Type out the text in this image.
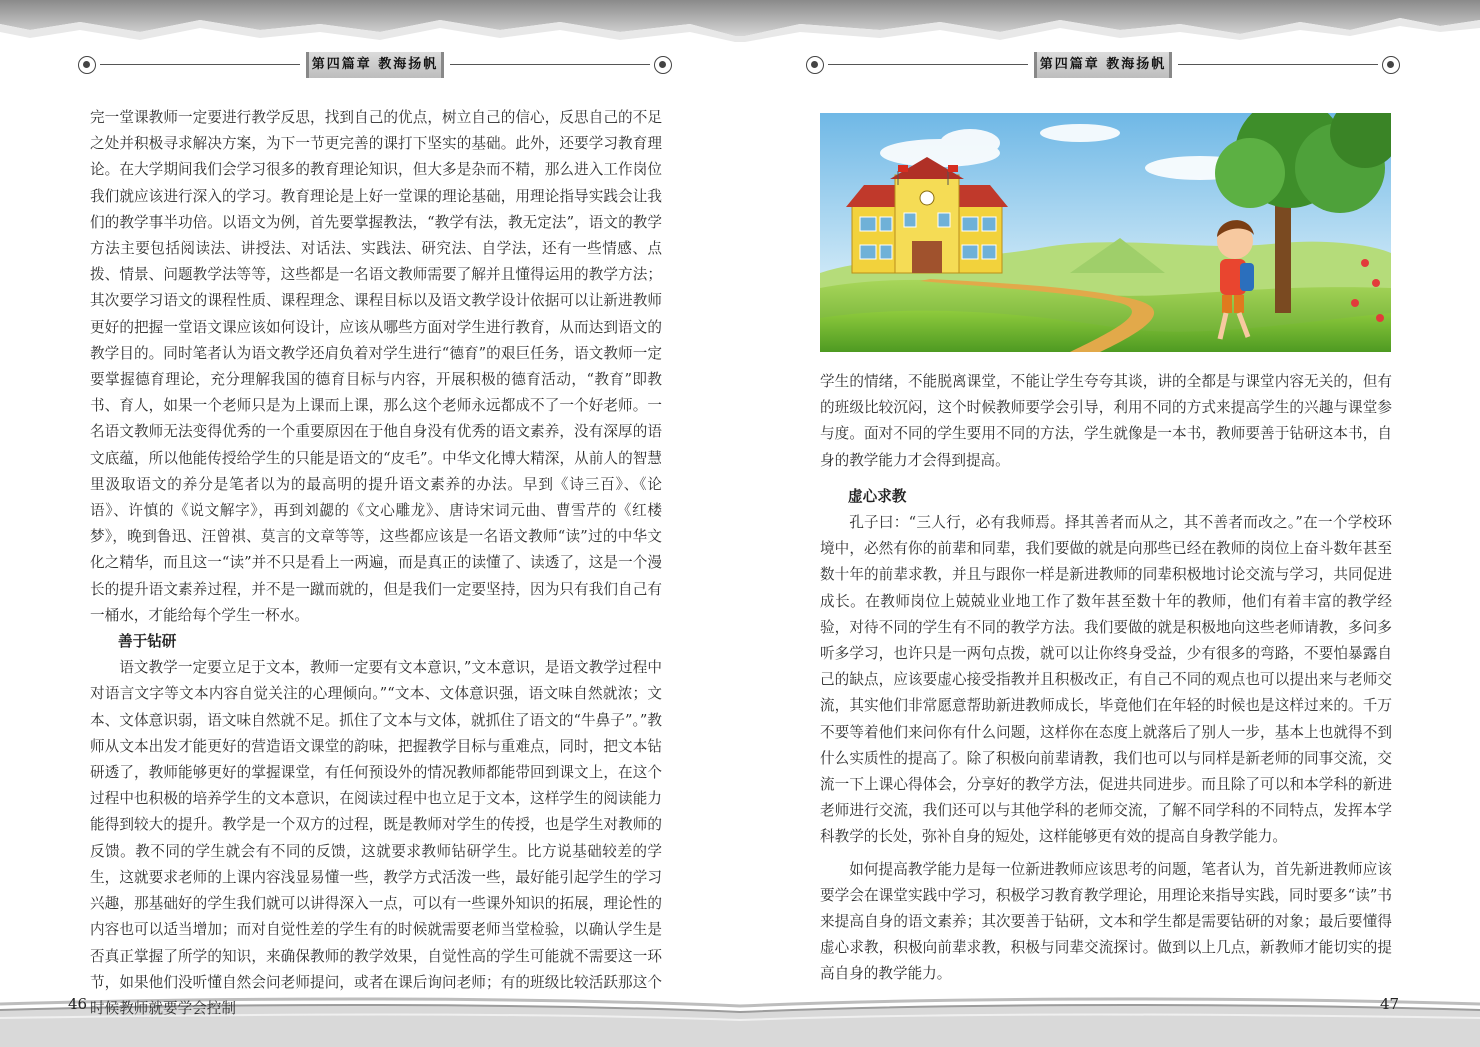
第四篇章 教海扬帆

完一堂课教师一定要进行教学反思，找到自己的优点，树立自己的信心，反思自己的不足之处并积极寻求解决方案，为下一节更完善的课打下坚实的基础。此外，还要学习教育理论。在大学期间我们会学习很多的教育理论知识，但大多是杂而不精，那么进入工作岗位我们就应该进行深入的学习。教育理论是上好一堂课的理论基础，用理论指导实践会让我们的教学事半功倍。以语文为例，首先要掌握教法，“教学有法，教无定法”，语文的教学方法主要包括阅读法、讲授法、对话法、实践法、研究法、自学法，还有一些情感、点拨、情景、问题教学法等等，这些都是一名语文教师需要了解并且懂得运用的教学方法；其次要学习语文的课程性质、课程理念、课程目标以及语文教学设计依据可以让新进教师更好的把握一堂语文课应该如何设计，应该从哪些方面对学生进行教育，从而达到语文的教学目的。同时笔者认为语文教学还肩负着对学生进行“德育”的艰巨任务，语文教师一定要掌握德育理论，充分理解我国的德育目标与内容，开展积极的德育活动，“教育”即教书、育人，如果一个老师只是为上课而上课，那么这个老师永远都成不了一个好老师。一名语文教师无法变得优秀的一个重要原因在于他自身没有优秀的语文素养，没有深厚的语文底蕴，所以他能传授给学生的只能是语文的“皮毛”。中华文化博大精深，从前人的智慧里汲取语文的养分是笔者以为的最高明的提升语文素养的办法。早到《诗三百》、《论语》、许慎的《说文解字》，再到刘勰的《文心雕龙》、唐诗宋词元曲、曹雪芹的《红楼梦》，晚到鲁迅、汪曾祺、莫言的文章等等，这些都应该是一名语文教师“读”过的中华文化之精华，而且这一“读”并不只是看上一两遍，而是真正的读懂了、读透了，这是一个漫长的提升语文素养过程，并不是一蹴而就的，但是我们一定要坚持，因为只有我们自己有一桶水，才能给每个学生一杯水。

善于钻研

语文教学一定要立足于文本，教师一定要有文本意识，”文本意识，是语文教学过程中对语言文字等文本内容自觉关注的心理倾向。”“文本、文体意识强，语文味自然就浓；文本、文体意识弱，语文味自然就不足。抓住了文本与文体，就抓住了语文的“牛鼻子”。”教师从文本出发才能更好的营造语文课堂的韵味，把握教学目标与重难点，同时，把文本钻研透了，教师能够更好的掌握课堂，有任何预设外的情况教师都能带回到课文上，在这个过程中也积极的培养学生的文本意识，在阅读过程中也立足于文本，这样学生的阅读能力能得到较大的提升。教学是一个双方的过程，既是教师对学生的传授，也是学生对教师的反馈。教不同的学生就会有不同的反馈，这就要求教师钻研学生。比方说基础较差的学生，这就要求老师的上课内容浅显易懂一些，教学方式活泼一些，最好能引起学生的学习兴趣，那基础好的学生我们就可以讲得深入一点，可以有一些课外知识的拓展，理论性的内容也可以适当增加；而对自觉性差的学生有的时候就需要老师当堂检验，以确认学生是否真正掌握了所学的知识，来确保教师的教学效果，自觉性高的学生可能就不需要这一环节，如果他们没听懂自然会问老师提问，或者在课后询问老师；有的班级比较活跃那这个时候教师就要学会控制

46
第四篇章 教海扬帆

学生的情绪，不能脱离课堂，不能让学生夸夸其谈，讲的全都是与课堂内容无关的，但有的班级比较沉闷，这个时候教师要学会引导，利用不同的方式来提高学生的兴趣与课堂参与度。面对不同的学生要用不同的方法，学生就像是一本书，教师要善于钻研这本书，自身的教学能力才会得到提高。

虚心求教

孔子曰：“三人行，必有我师焉。择其善者而从之，其不善者而改之。”在一个学校环境中，必然有你的前辈和同辈，我们要做的就是向那些已经在教师的岗位上奋斗数年甚至数十年的前辈求教，并且与跟你一样是新进教师的同辈积极地讨论交流与学习，共同促进成长。在教师岗位上兢兢业业地工作了数年甚至数十年的教师，他们有着丰富的教学经验，对待不同的学生有不同的教学方法。我们要做的就是积极地向这些老师请教，多问多听多学习，也许只是一两句点拨，就可以让你终身受益，少有很多的弯路，不要怕暴露自己的缺点，应该要虚心接受指教并且积极改正，有自己不同的观点也可以提出来与老师交流，其实他们非常愿意帮助新进教师成长，毕竟他们在年轻的时候也是这样过来的。千万不要等着他们来问你有什么问题，这样你在态度上就落后了别人一步，基本上也就得不到什么实质性的提高了。除了积极向前辈请教，我们也可以与同样是新老师的同事交流，交流一下上课心得体会，分享好的教学方法，促进共同进步。而且除了可以和本学科的新进老师进行交流，我们还可以与其他学科的老师交流，了解不同学科的不同特点，发挥本学科教学的长处，弥补自身的短处，这样能够更有效的提高自身教学能力。

如何提高教学能力是每一位新进教师应该思考的问题，笔者认为，首先新进教师应该要学会在课堂实践中学习，积极学习教育教学理论，用理论来指导实践，同时要多“读”书来提高自身的语文素养；其次要善于钻研，文本和学生都是需要钻研的对象；最后要懂得虚心求教，积极向前辈求教，积极与同辈交流探讨。做到以上几点，新教师才能切实的提高自身的教学能力。

47
